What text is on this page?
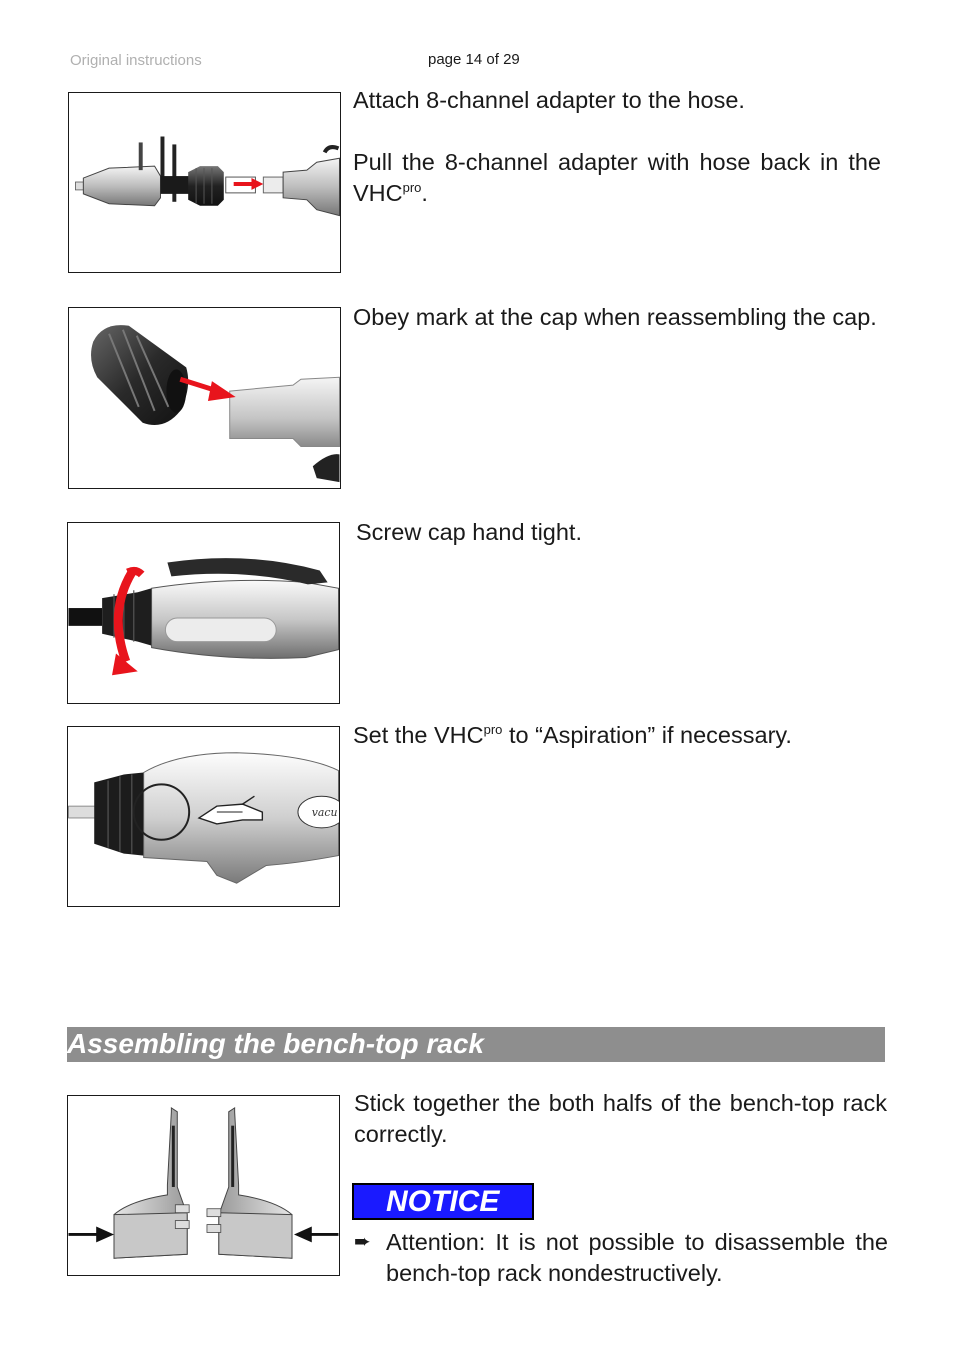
Original instructions	page 14 of 29

Attach 8-channel adapter to the hose.

Pull the 8-channel adapter with hose back in the $VHC^{pro}$.

Obey mark at the cap when reassembling the cap.

Screw cap hand tight.

vacu

Set the $VHC^{pro}$ to “Aspiration” if necessary.

Assembling the bench-top rack

Stick together the both halfs of the bench-top rack correctly.

NOTICE
➨ Attention: It is not possible to disassemble the bench-top rack nondestructively.
